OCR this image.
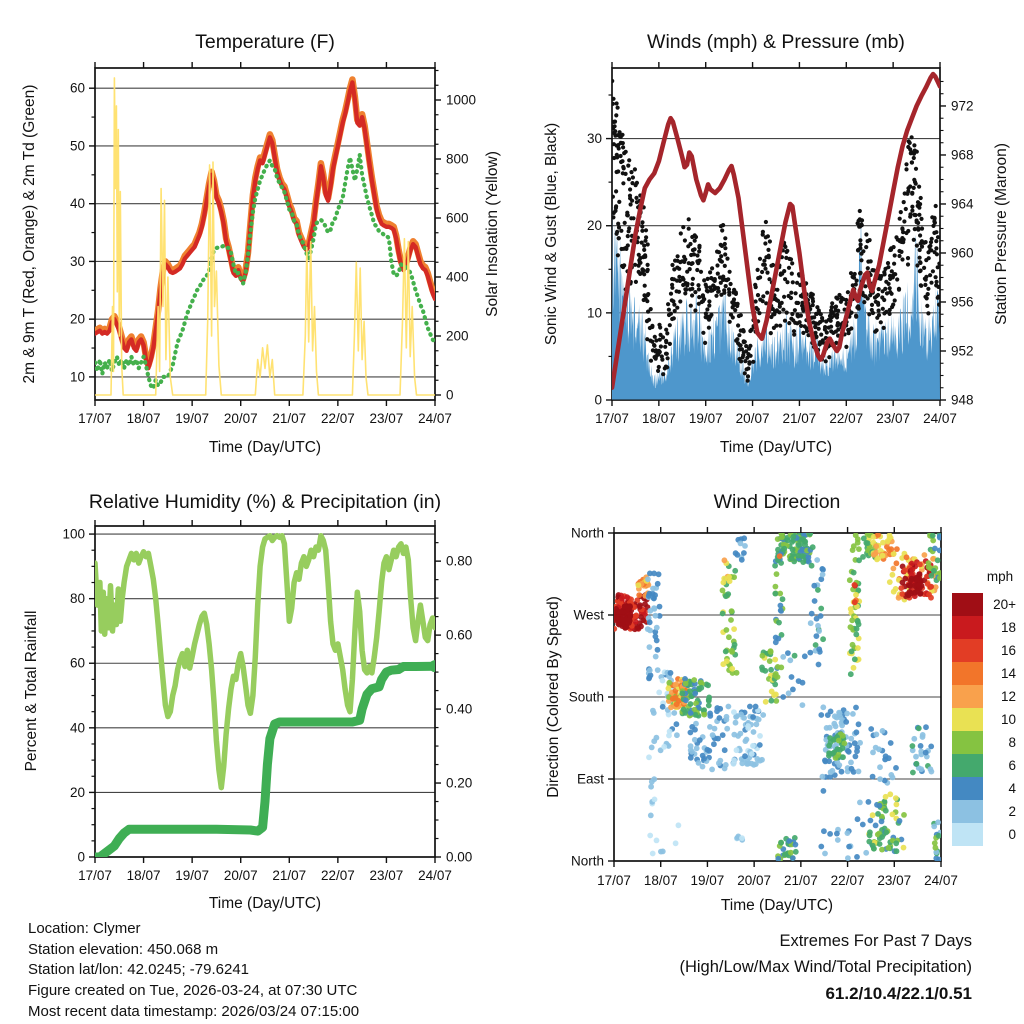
Temperature (F)	Winds (mph) & Pressure (mb)
Relative Humidity (%) & Precipitation (in)	Wind Direction
Time (Day/UTC)	Time (Day/UTC)
Time (Day/UTC)	Time (Day/UTC)
2m & 9m T (Red, Orange) & 2m Td (Green)	Solar Insolation (Yellow)	Sonic Wind & Gust (Blue, Black)	Station Pressure (Maroon)
Percent & Total Rainfall	Direction (Colored By Speed)
17/07 18/07 19/07 20/07 21/07 22/07 23/07 24/07
10
20
30
40
50
60
0
200
400
600
800
1000
17/07 18/07 19/07 20/07 21/07 22/07 23/07 24/07
0
10
20
30
948
952
956
960
964
968
972
17/07 18/07 19/07 20/07 21/07 22/07 23/07 24/07
0
20
40
60
80
100
0.00
0.20
0.40
0.60
0.80
17/07 18/07 19/07 20/07 21/07 22/07 23/07 24/07
North
West
South
East
North
20+
18
16
14
12
10
8
6
4
2
0
mph
Location: Clymer
Station elevation: 450.068 m
Station lat/lon: 42.0245; -79.6241
Figure created on Tue, 2026-03-24, at 07:30 UTC
Most recent data timestamp: 2026/03/24 07:15:00
Extremes For Past 7 Days
(High/Low/Max Wind/Total Precipitation)
61.2/10.4/22.1/0.51
